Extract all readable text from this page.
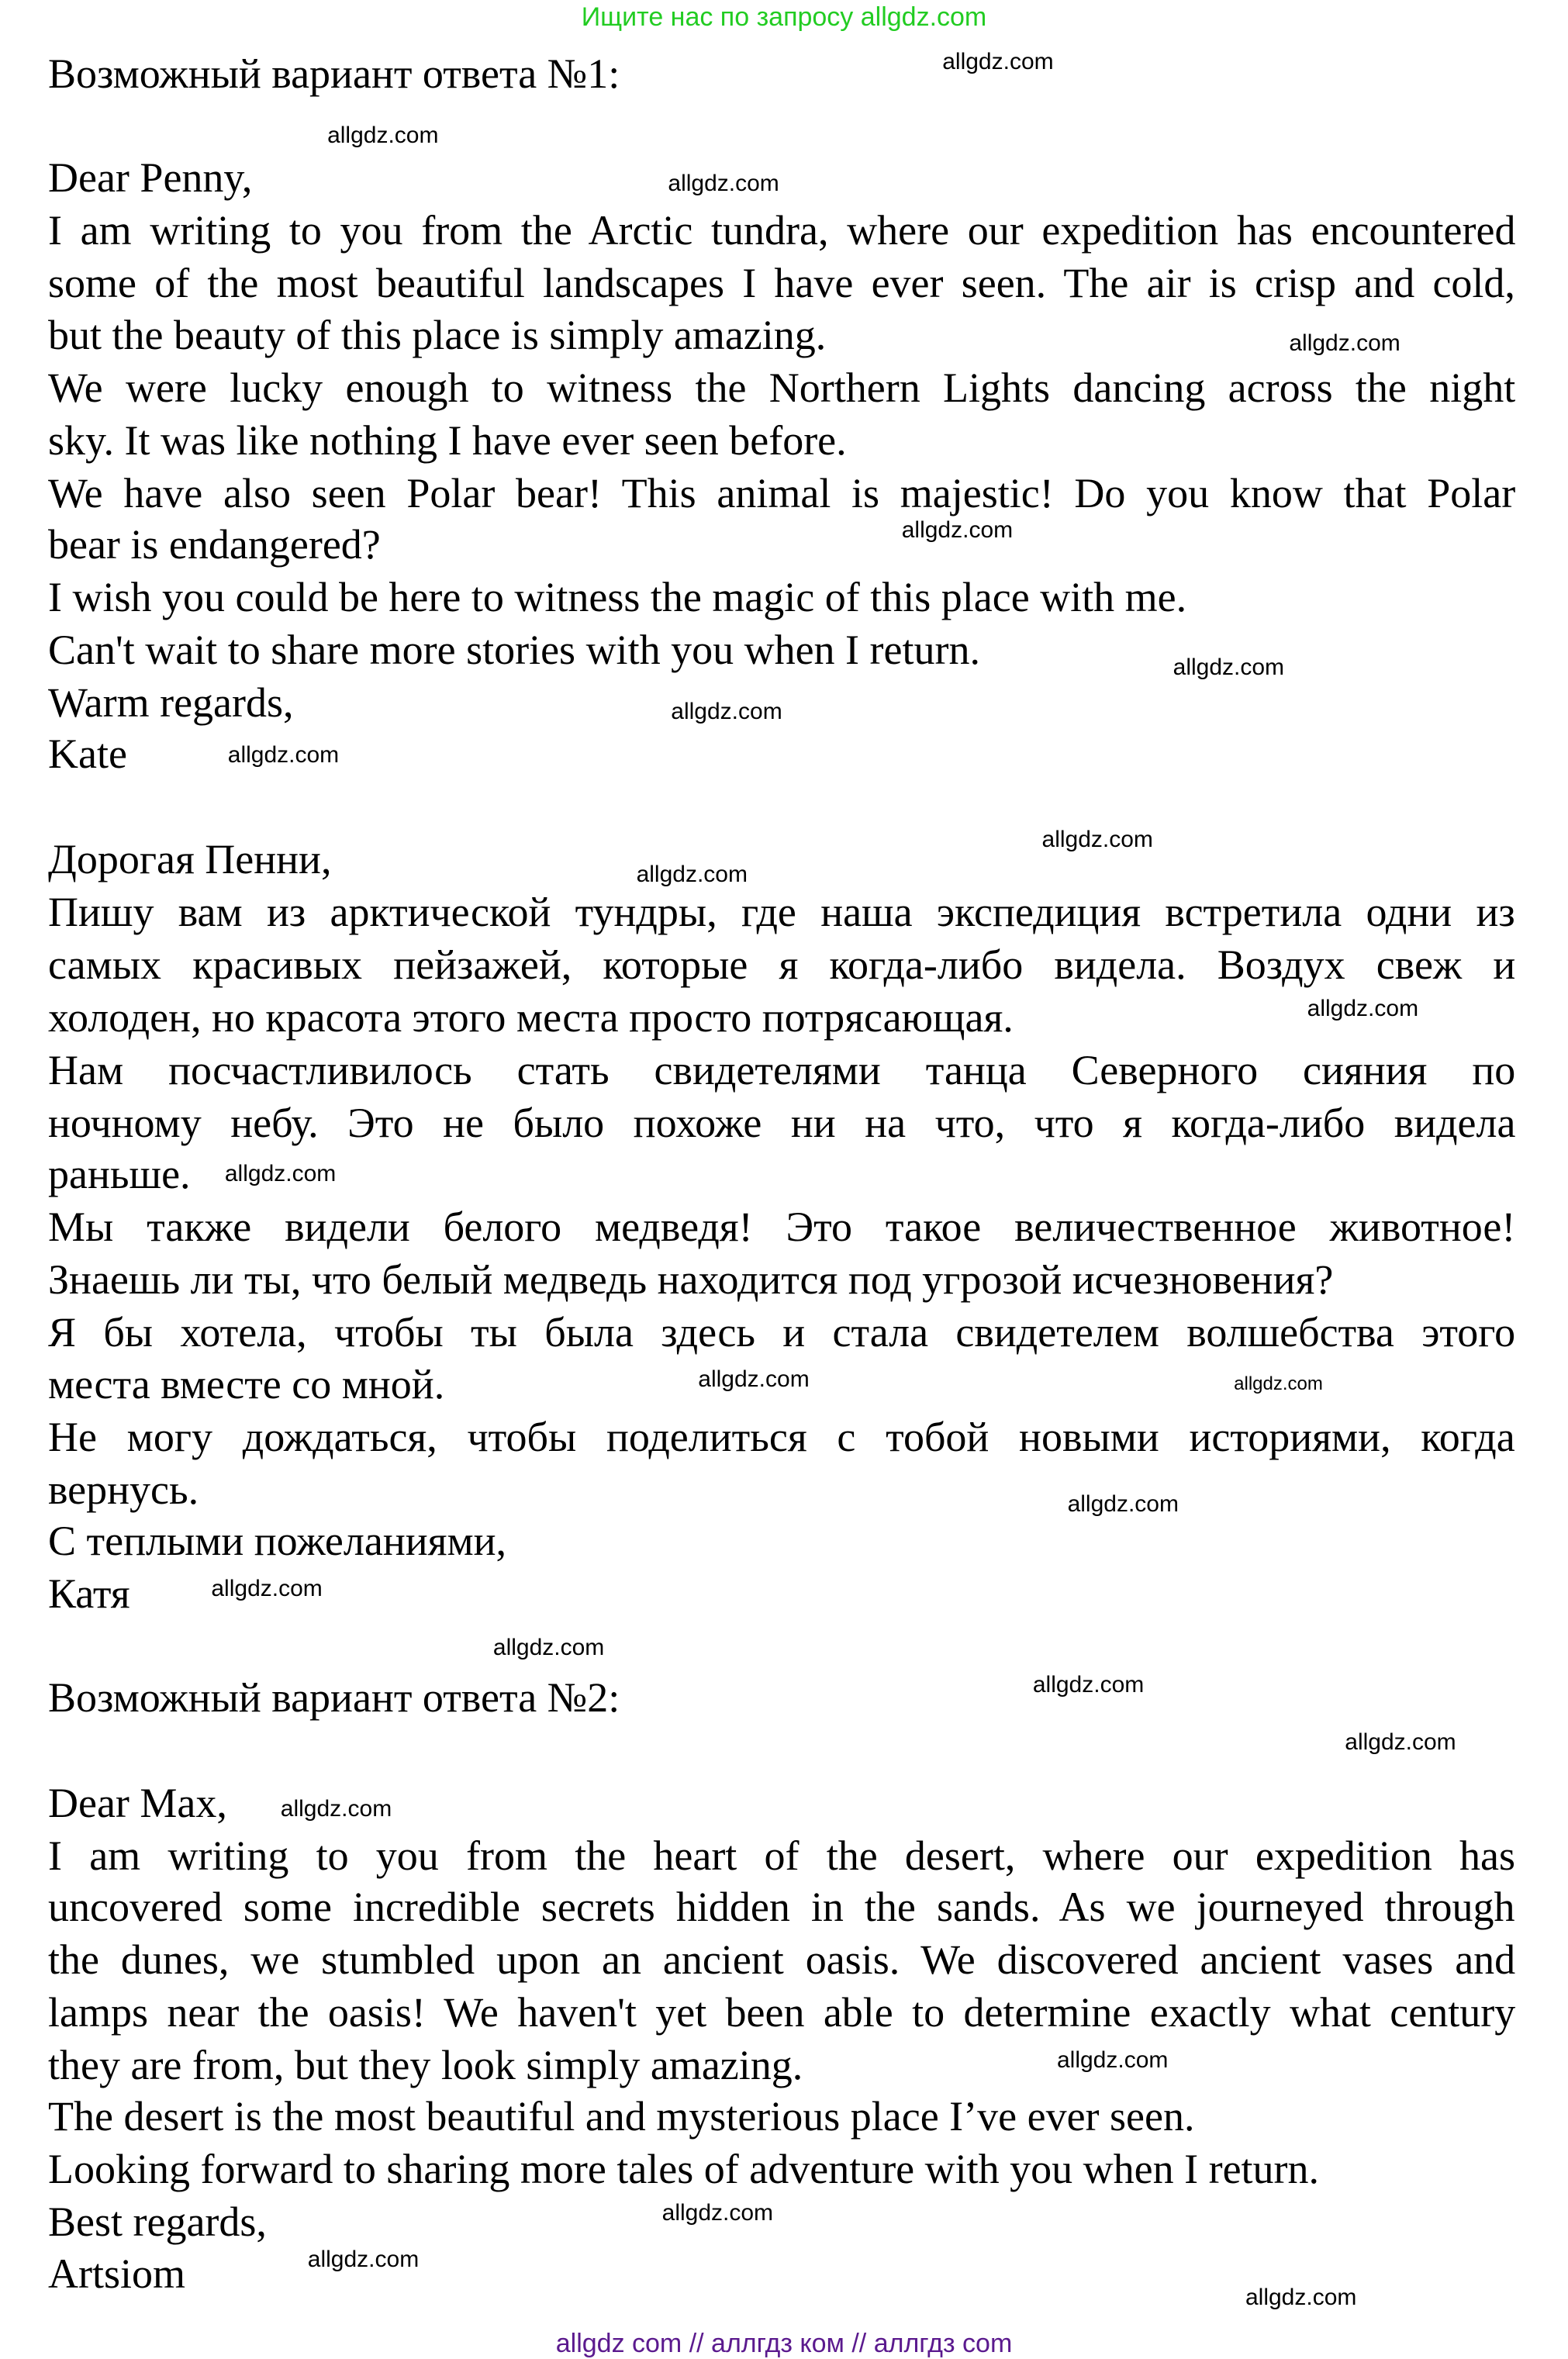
Ищите нас по запросу allgdz.com
Возможный вариант ответа №1:
Dear Penny,
I am writing to you from the Arctic tundra, where our expedition has encountered
some of the most beautiful landscapes I have ever seen. The air is crisp and cold,
but the beauty of this place is simply amazing.
We were lucky enough to witness the Northern Lights dancing across the night
sky. It was like nothing I have ever seen before.
We have also seen Polar bear! This animal is majestic! Do you know that Polar
bear is endangered?
I wish you could be here to witness the magic of this place with me.
Can't wait to share more stories with you when I return.
Warm regards,
Kate
Дорогая Пенни,
Пишу вам из арктической тундры, где наша экспедиция встретила одни из
самых красивых пейзажей, которые я когда-либо видела. Воздух свеж и
холоден, но красота этого места просто потрясающая.
Нам посчастливилось стать свидетелями танца Северного сияния по
ночному небу. Это не было похоже ни на что, что я когда-либо видела
раньше.
Мы также видели белого медведя! Это такое величественное животное!
Знаешь ли ты, что белый медведь находится под угрозой исчезновения?
Я бы хотела, чтобы ты была здесь и стала свидетелем волшебства этого
места вместе со мной.
Не могу дождаться, чтобы поделиться с тобой новыми историями, когда
вернусь.
С теплыми пожеланиями,
Катя
Возможный вариант ответа №2:
Dear Max,
I am writing to you from the heart of the desert, where our expedition has
uncovered some incredible secrets hidden in the sands. As we journeyed through
the dunes, we stumbled upon an ancient oasis. We discovered ancient vases and
lamps near the oasis! We haven't yet been able to determine exactly what century
they are from, but they look simply amazing.
The desert is the most beautiful and mysterious place I’ve ever seen.
Looking forward to sharing more tales of adventure with you when I return.
Best regards,
Artsiom
allgdz.com
allgdz.com
allgdz.com
allgdz.com
allgdz.com
allgdz.com
allgdz.com
allgdz.com
allgdz.com
allgdz.com
allgdz.com
allgdz.com
allgdz.com
allgdz.com
allgdz.com
allgdz.com
allgdz.com
allgdz.com
allgdz.com
allgdz.com
allgdz.com
allgdz.com
allgdz.com
allgdz.com
allgdz com // аллгдз ком // аллгдз com
